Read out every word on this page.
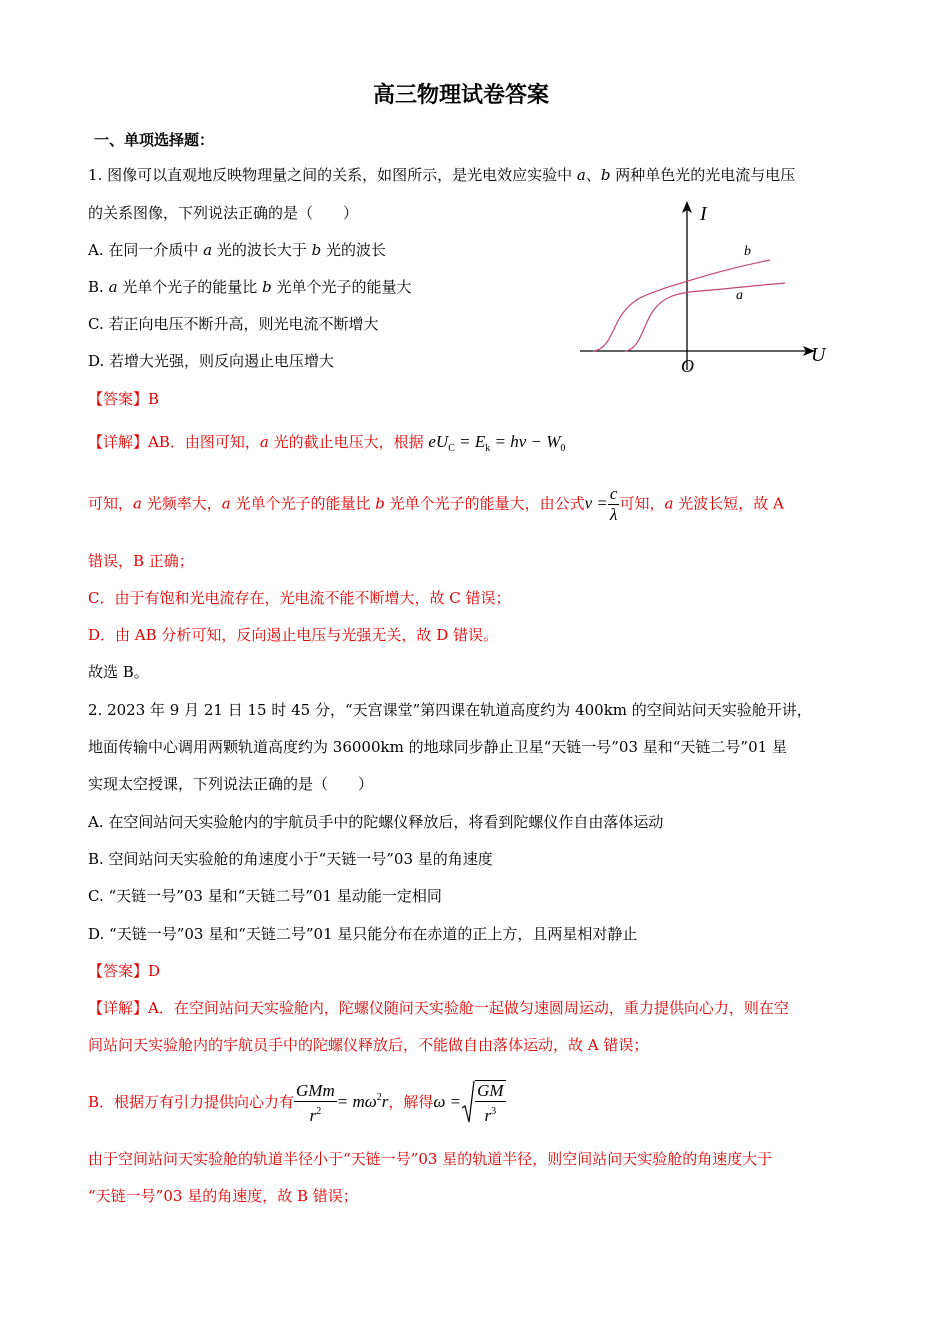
高三物理试卷答案
一、单项选择题：
1. 图像可以直观地反映物理量之间的关系，如图所示，是光电效应实验中 a、b 两种单色光的光电流与电压
的关系图像，下列说法正确的是（　　）
A. 在同一介质中 a 光的波长大于 b 光的波长
B. a 光单个光子的能量比 b 光单个光子的能量大
C. 若正向电压不断升高，则光电流不断增大
D. 若增大光强，则反向遏止电压增大
I
U
O
b
a
【答案】B
【详解】AB．由图可知，a 光的截止电压大，根据 $eU_C = E_k = h\nu - W_0$
可知，a 光频率大，a 光单个光子的能量比 b 光单个光子的能量大，由公式$\nu = \frac{c}{\lambda}$ 可知，a 光波长短，故 A
错误，B 正确；
C．由于有饱和光电流存在，光电流不能不断增大，故 C 错误；
D．由 AB 分析可知，反向遏止电压与光强无关，故 D 错误。
故选 B。
2. 2023 年 9 月 21 日 15 时 45 分，“天宫课堂”第四课在轨道高度约为 400km 的空间站问天实验舱开讲，
地面传输中心调用两颗轨道高度约为 36000km 的地球同步静止卫星“天链一号”03 星和“天链二号”01 星
实现太空授课，下列说法正确的是（　　）
A. 在空间站问天实验舱内的宇航员手中的陀螺仪释放后，将看到陀螺仪作自由落体运动
B. 空间站问天实验舱的角速度小于“天链一号”03 星的角速度
C. “天链一号”03 星和“天链二号”01 星动能一定相同
D. “天链一号”03 星和“天链二号”01 星只能分布在赤道的正上方，且两星相对静止
【答案】D
【详解】A．在空间站问天实验舱内，陀螺仪随问天实验舱一起做匀速圆周运动，重力提供向心力，则在空
间站问天实验舱内的宇航员手中的陀螺仪释放后，不能做自由落体运动，故 A 错误；
B．根据万有引力提供向心力有 $\frac{\text{GMm}}{r^2} = m\omega^2r$，解得$\omega = \frac{GM}{r^3}$
由于空间站问天实验舱的轨道半径小于“天链一号”03 星的轨道半径，则空间站问天实验舱的角速度大于
“天链一号”03 星的角速度，故 B 错误；
